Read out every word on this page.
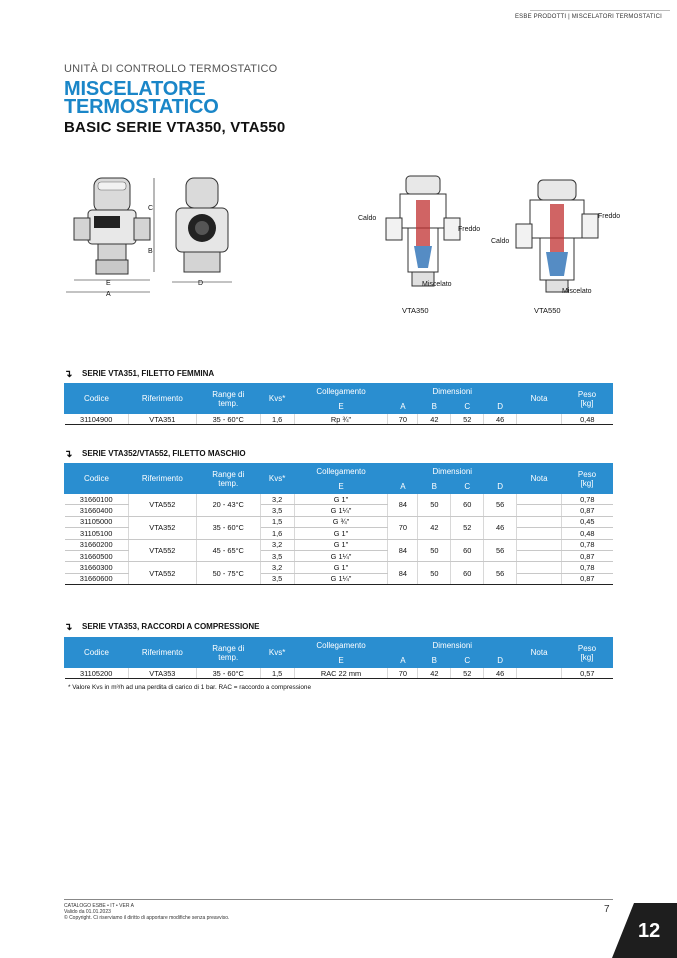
ESBE PRODOTTI | MISCELATORI TERMOSTATICI
UNITÀ DI CONTROLLO TERMOSTATICO
MISCELATORE
TERMOSTATICO
BASIC SERIE VTA350, VTA550
C
B
E
A
D
Caldo
Freddo
Miscelato
VTA350
Freddo
Caldo
Miscelato
VTA550
↴ SERIE VTA351, FILETTO FEMMINA
Codice	Riferimento	Range di
temp.	Kvs*	Collegamento	Dimensioni				Nota	Peso
[kg]
				E	A	B	C	D		
31104900	VTA351	35 - 60°C	1,6	Rp ¾"	70	42	52	46		0,48
↴ SERIE VTA352/VTA552, FILETTO MASCHIO
Codice	Riferimento	Range di
temp.	Kvs*	Collegamento	Dimensioni				Nota	Peso
[kg]
				E	A	B	C	D		
31660100	VTA552	20 - 43°C	3,2	G 1"	84	50	60	56		0,78
31660400			3,5	G 1¼"						0,87
31105000	VTA352	35 - 60°C	1,5	G ¾"	70	42	52	46		0,45
31105100			1,6	G 1"						0,48
31660200	VTA552	45 - 65°C	3,2	G 1"	84	50	60	56		0,78
31660500			3,5	G 1¼"						0,87
31660300	VTA552	50 - 75°C	3,2	G 1"	84	50	60	56		0,78
31660600			3,5	G 1¼"						0,87
↴ SERIE VTA353, RACCORDI A COMPRESSIONE
Codice	Riferimento	Range di
temp.	Kvs*	Collegamento	Dimensioni				Nota	Peso
[kg]
				E	A	B	C	D		
31105200	VTA353	35 - 60°C	1,5	RAC 22 mm	70	42	52	46		0,57
* Valore Kvs in m³/h ad una perdita di carico di 1 bar. RAC = raccordo a compressione
CATALOGO ESBE • IT • VER A
Valido da 01.01.2023
© Copyright. Ci riserviamo il diritto di apportare modifiche senza preavviso.
7
12
